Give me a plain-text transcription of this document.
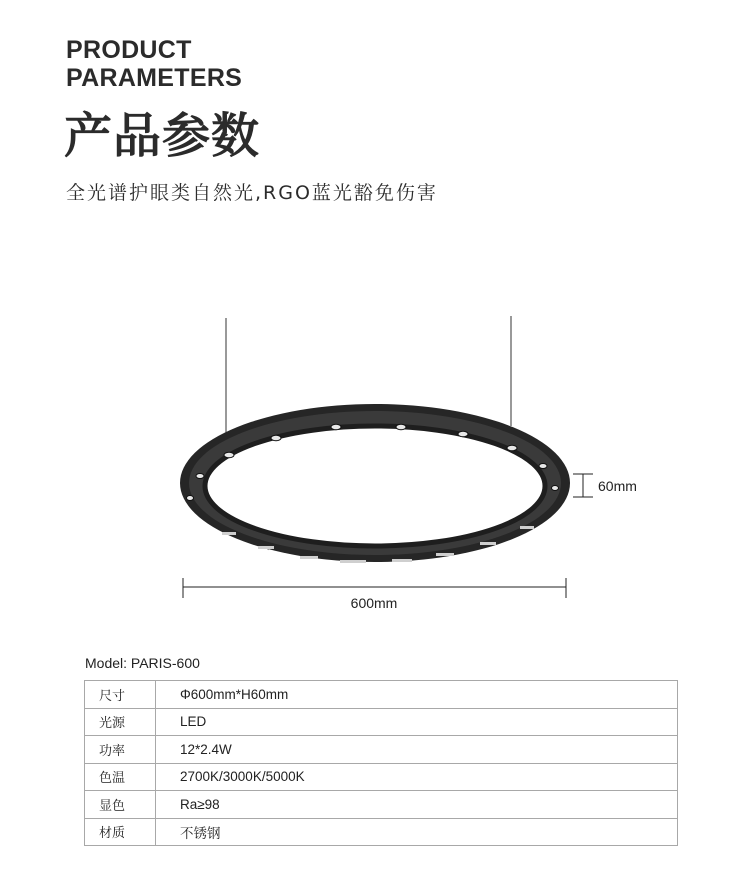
PRODUCT
PARAMETERS
产品参数
全光谱护眼类自然光,RGO蓝光豁免伤害
60mm
600mm
Model: PARIS-600
尺寸	Φ600mm*H60mm
光源	LED
功率	12*2.4W
色温	2700K/3000K/5000K
显色	Ra≥98
材质	不锈钢
